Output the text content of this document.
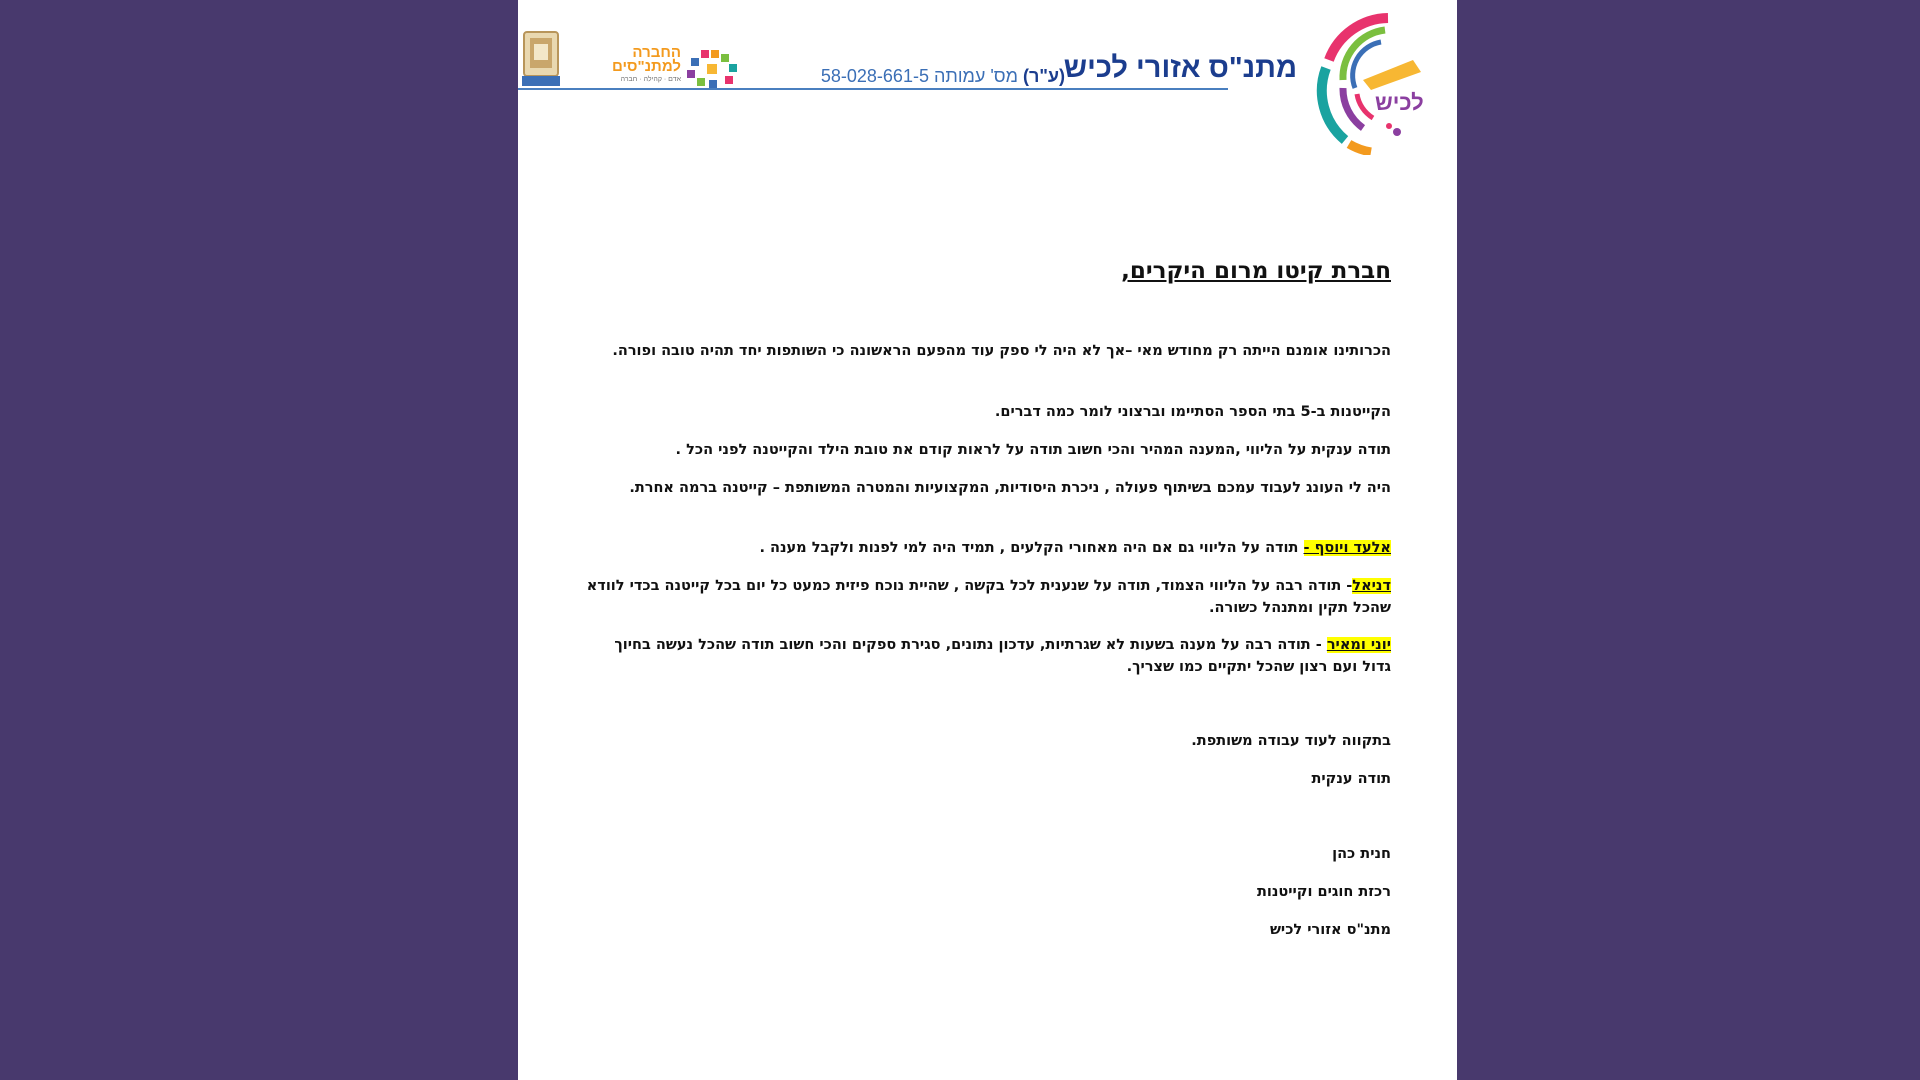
לכיש
מתנ"ס אזורי לכיש
(ע"ר) מס' עמותה 58-028-661-5
החברה
למתנ"סים
אדם · קהילה · חברה
חברת קיטו מרום היקרים,
הכרותינו אומנם הייתה רק מחודש מאי –אך לא היה לי ספק עוד מהפעם הראשונה כי השותפות יחד תהיה טובה ופורה.
הקייטנות ב-5 בתי הספר הסתיימו וברצוני לומר כמה דברים.
תודה ענקית על הליווי ,המענה המהיר והכי חשוב תודה על לראות קודם את טובת הילד והקייטנה לפני הכל .
היה לי העונג לעבוד עמכם בשיתוף פעולה , ניכרת היסודיות, המקצועיות והמטרה המשותפת – קייטנה ברמה אחרת.
אלעד ויוסף - תודה על הליווי גם אם היה מאחורי הקלעים , תמיד היה למי לפנות ולקבל מענה .
דניאל- תודה רבה על הליווי הצמוד, תודה על שנענית לכל בקשה , שהיית נוכח פיזית כמעט כל יום בכל קייטנה בכדי לוודא שהכל תקין ומתנהל כשורה.
יוני ומאיר - תודה רבה על מענה בשעות לא שגרתיות, עדכון נתונים, סגירת ספקים והכי חשוב תודה שהכל נעשה בחיוך גדול ועם רצון שהכל יתקיים כמו שצריך.
בתקווה לעוד עבודה משותפת.
תודה ענקית
חנית כהן
רכזת חוגים וקייטנות
מתנ"ס אזורי לכיש
